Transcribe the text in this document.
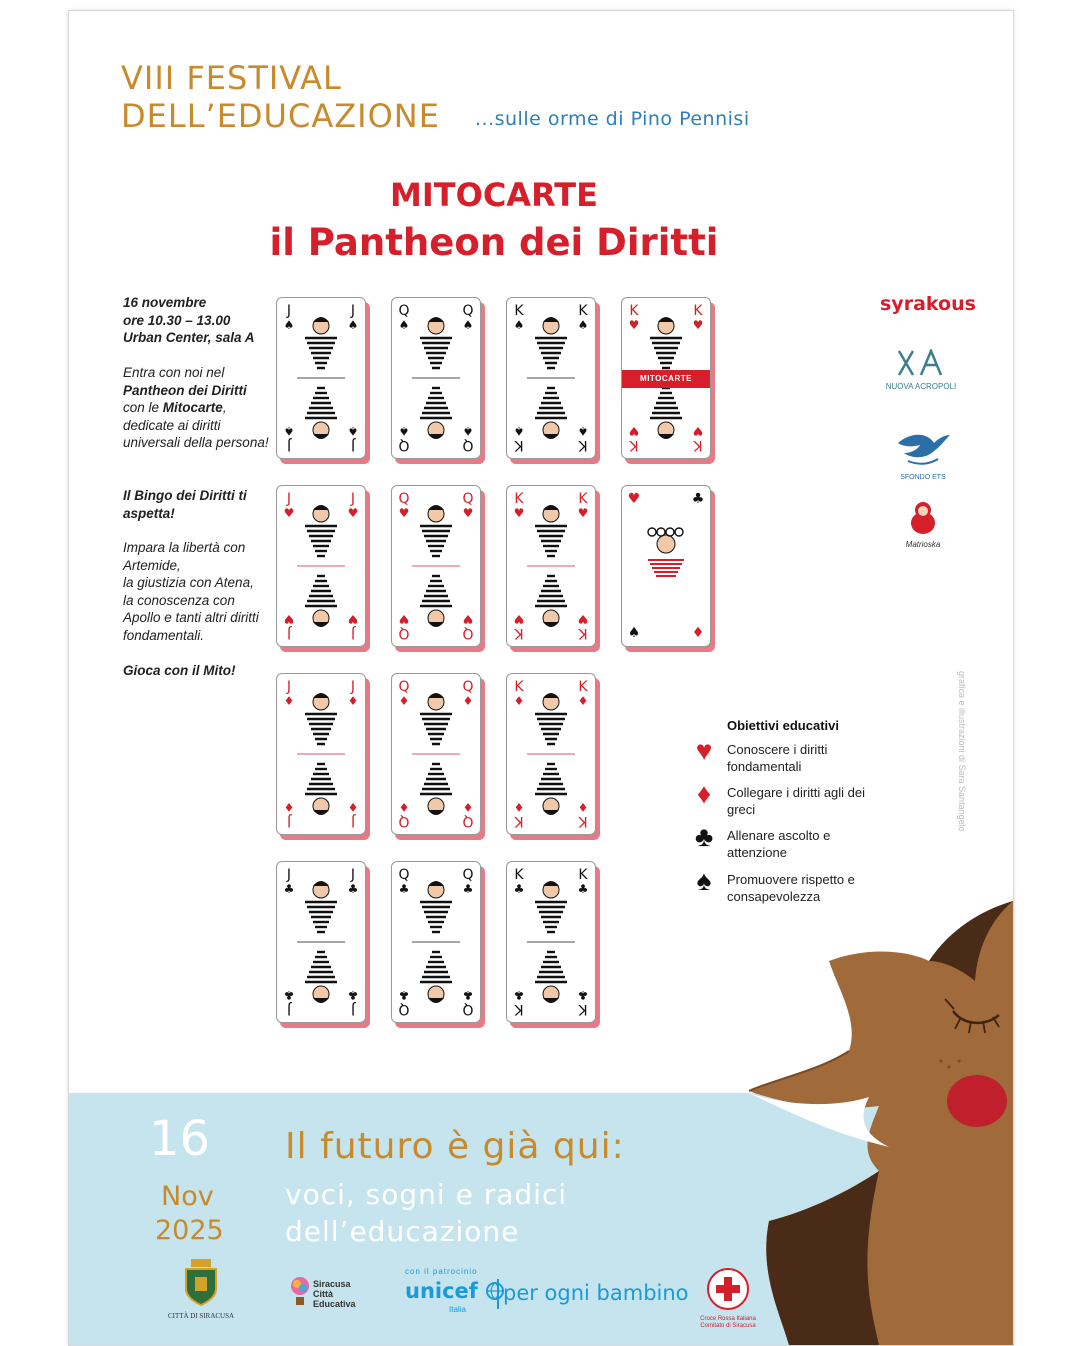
VIII FESTIVAL
DELL’EDUCAZIONE ...sulle orme di Pino Pennisi
MITOCARTE
il Pantheon dei Diritti
16 novembre
ore 10.30 – 13.00
Urban Center, sala A
Entra con noi nel
Pantheon dei Diritti
con le Mitocarte, dedicate ai diritti universali della persona!
Il Bingo dei Diritti ti aspetta!
Impara la libertà con Artemide,
la giustizia con Atena,
la conoscenza con Apollo e tanti altri diritti fondamentali.
Gioca con il Mito!
J
♠
J
♠
J
♠
J
♠
Q
♠
Q
♠
Q
♠
Q
♠
K
♠
K
♠
K
♠
K
♠
K
♥
K
♥
K
♥
K
♥
MITOCARTE
J
♥
J
♥
J
♥
J
♥
Q
♥
Q
♥
Q
♥
Q
♥
K
♥
K
♥
K
♥
K
♥
♥	♣
♠	♦
J
♦
J
♦
J
♦
J
♦
Q
♦
Q
♦
Q
♦
Q
♦
K
♦
K
♦
K
♦
K
♦
J
♣
J
♣
J
♣
J
♣
Q
♣
Q
♣
Q
♣
Q
♣
K
♣
K
♣
K
♣
K
♣
syrakous
NUOVA ACROPOLI
SFONDO ETS
Matrioska
Obiettivi educativi
♥	Conoscere i diritti fondamentali
♦	Collegare i diritti agli dei greci
♣	Allenare ascolto e attenzione
♠	Promuovere rispetto e consapevolezza
grafica e illustrazioni di Sara Santangelo
16
Nov
2025
Il futuro è già qui:
voci, sogni e radici
dell’educazione
CITTÀ DI SIRACUSA
Siracusa
Città
Educativa
con il patrocinio
unicef
Italia
per ogni bambino
Croce Rossa Italiana
Comitato di Siracusa
